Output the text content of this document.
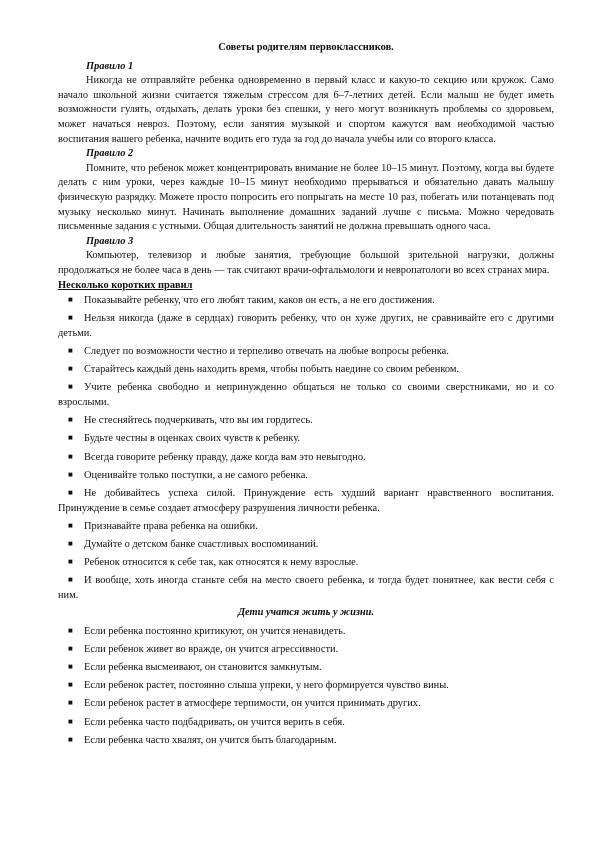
Советы родителям первоклассников.

Правило 1

Никогда не отправляйте ребенка одновременно в первый класс и какую-то секцию или кружок. Само начало школьной жизни считается тяжелым стрессом для 6–7-летних детей. Если малыш не будет иметь возможности гулять, отдыхать, делать уроки без спешки, у него могут возникнуть проблемы со здоровьем, может начаться невроз. Поэтому, если занятия музыкой и спортом кажутся вам необходимой частью воспитания вашего ребенка, начните водить его туда за год до начала учебы или со второго класса.

Правило 2

Помните, что ребенок может концентрировать внимание не более 10–15 минут. Поэтому, когда вы будете делать с ним уроки, через каждые 10–15 минут необходимо прерываться и обязательно давать малышу физическую разрядку. Можете просто попросить его попрыгать на месте 10 раз, побегать или потанцевать под музыку несколько минут. Начинать выполнение домашних заданий лучше с письма. Можно чередовать письменные задания с устными. Общая длительность занятий не должна превышать одного часа.

Правило 3

Компьютер, телевизор и любые занятия, требующие большой зрительной нагрузки, должны продолжаться не более часа в день — так считают врачи-офтальмологи и невропатологи во всех странах мира.

Несколько коротких правил

■ Показывайте ребенку, что его любят таким, каков он есть, а не его достижения.
■ Нельзя никогда (даже в сердцах) говорить ребенку, что он хуже других, не сравнивайте его с другими детьми.
■ Следует по возможности честно и терпеливо отвечать на любые вопросы ребенка.
■ Старайтесь каждый день находить время, чтобы побыть наедине со своим ребенком.
■ Учите ребенка свободно и непринужденно общаться не только со своими сверстниками, но и со взрослыми.
■ Не стесняйтесь подчеркивать, что вы им гордитесь.
■ Будьте честны в оценках своих чувств к ребенку.
■ Всегда говорите ребенку правду, даже когда вам это невыгодно.
■ Оценивайте только поступки, а не самого ребенка.
■ Не добивайтесь успеха силой. Принуждение есть худший вариант нравственного воспитания. Принуждение в семье создает атмосферу разрушения личности ребенка.
■ Признавайте права ребенка на ошибки.
■ Думайте о детском банке счастливых воспоминаний.
■ Ребенок относится к себе так, как относятся к нему взрослые.
■ И вообще, хоть иногда станьте себя на место своего ребенка, и тогда будет понятнее, как вести себя с ним.

Дети учатся жить у жизни.

■ Если ребенка постоянно критикуют, он учится ненавидеть.
■ Если ребенок живет во вражде, он учится агрессивности.
■ Если ребенка высмеивают, он становится замкнутым.
■ Если ребенок растет, постоянно слыша упреки, у него формируется чувство вины.
■ Если ребенок растет в атмосфере терпимости, он учится принимать других.
■ Если ребенка часто подбадривать, он учится верить в себя.
■ Если ребенка часто хвалят, он учится быть благодарным.
